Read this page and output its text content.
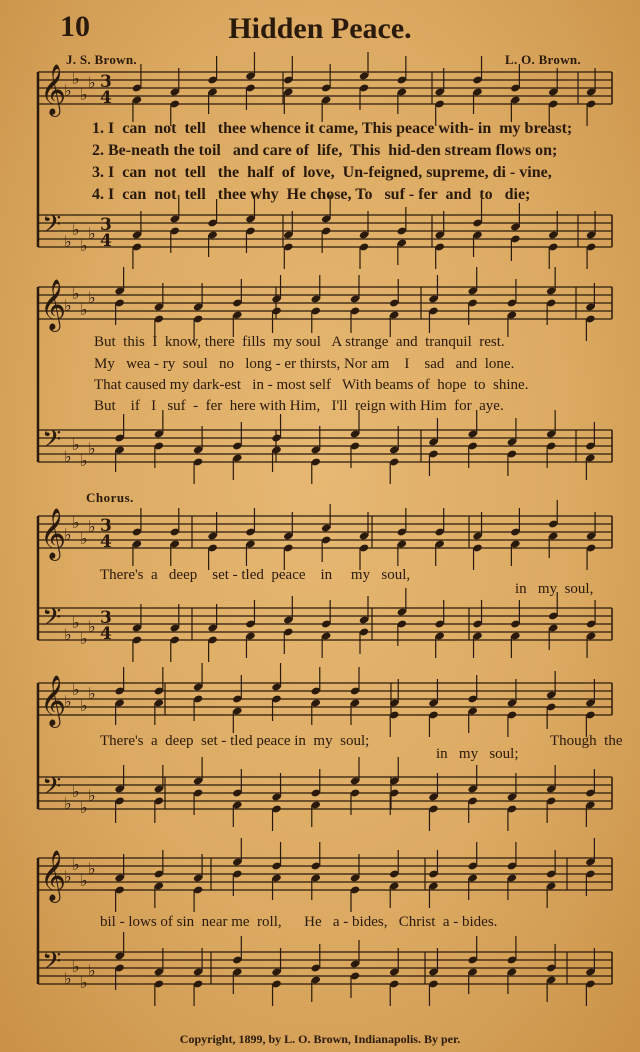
10	Hidden Peace.
J. S. Brown.	L. O. Brown.
𝄞
𝄢
♭
♭
♭
♭
♭
♭
♭
♭
3
4
3
4
𝄞
𝄢
♭
♭
♭
♭
♭
♭
♭
♭
𝄞
𝄢
♭
♭
♭
♭
♭
♭
♭
♭
3
4
3
4
𝄞
𝄢
♭
♭
♭
♭
♭
♭
♭
♭
𝄞
𝄢
♭
♭
♭
♭
♭
♭
♭
♭
1. I  can  not  tell   thee whence it came, This peace with- in  my breast;
2. Be-neath the toil   and care of  life,  This  hid-den stream flows on;
3. I  can  not  tell   the  half  of  love,  Un-feigned, supreme, di - vine,
4. I  can  not  tell   thee why  He chose, To   suf - fer  and  to   die;
But  this  I  know, there  fills  my soul   A strange  and  tranquil  rest.
My   wea - ry  soul   no   long - er thirsts, Nor am    I    sad   and  lone.
That caused my dark-est   in - most self   With beams of  hope  to  shine.
But    if   I   suf  -  fer  here with Him,   I'll  reign with Him  for  aye.
Chorus.
There's  a   deep    set - tled  peace    in     my   soul,
in   my  soul,
There's  a  deep  set - tled peace in  my  soul;
in   my   soul;
Though  the
bil - lows of sin  near me  roll,      He   a - bides,   Christ  a - bides.
Copyright, 1899, by L. O. Brown, Indianapolis. By per.
